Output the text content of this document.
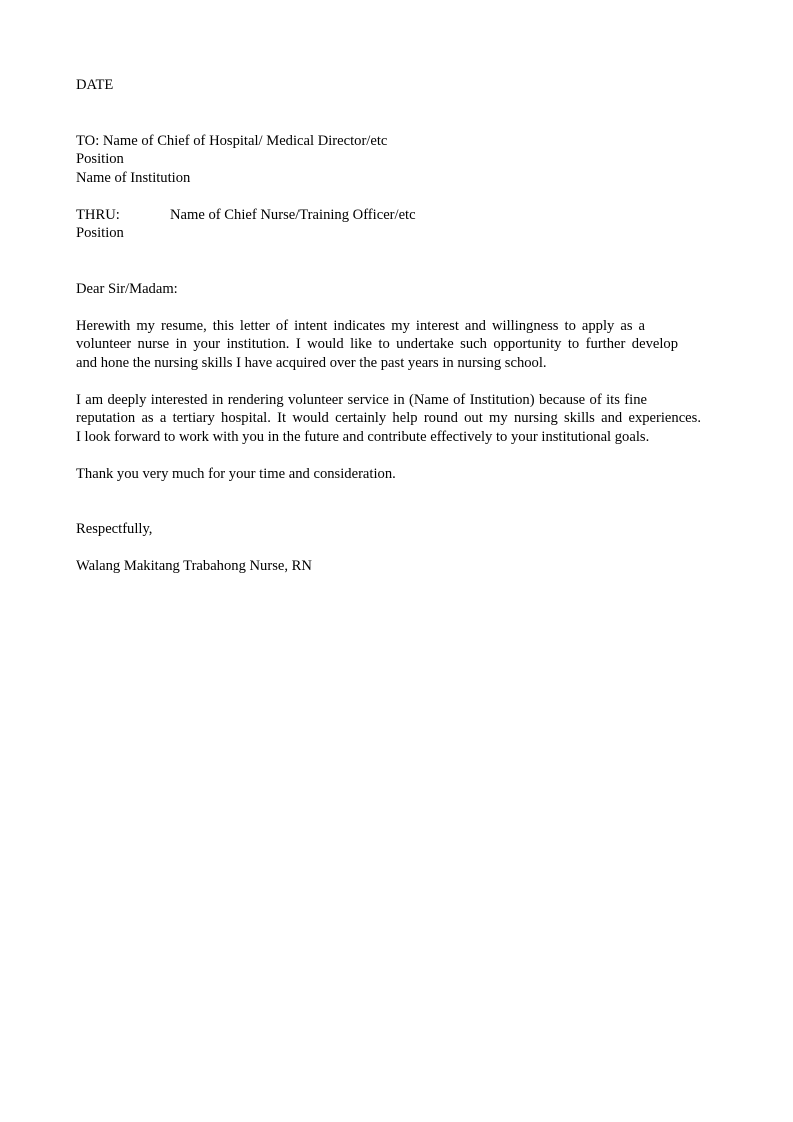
DATE
TO: Name of Chief of Hospital/ Medical Director/etc
Position
Name of Institution
THRU:	Name of Chief Nurse/Training Officer/etc
Position
Dear Sir/Madam:
Herewith my resume, this letter of intent indicates my interest and willingness to apply as a
volunteer nurse in your institution. I would like to undertake such opportunity to further develop
and hone the nursing skills I have acquired over the past years in nursing school.
I am deeply interested in rendering volunteer service in (Name of Institution) because of its fine
reputation as a tertiary hospital. It would certainly help round out my nursing skills and experiences.
I look forward to work with you in the future and contribute effectively to your institutional goals.
Thank you very much for your time and consideration.
Respectfully,
Walang Makitang Trabahong Nurse, RN
